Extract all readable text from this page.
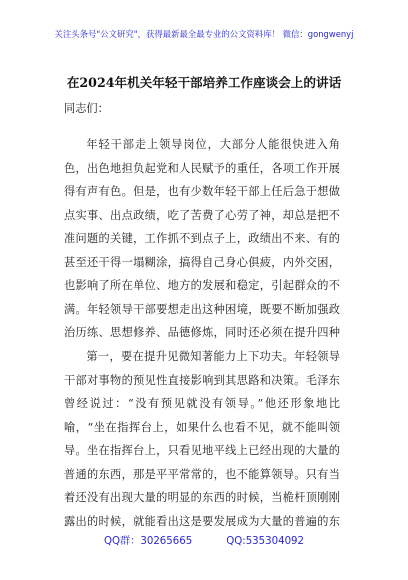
关注头条号"公文研究"，获得最新最全最专业的公文资料库！ 微信：gongwenyj
在2024年机关年轻干部培养工作座谈会上的讲话
同志们：
年轻干部走上领导岗位，大部分人能很快进入角色，出色地担负起党和人民赋予的重任，各项工作开展得有声有色。但是，也有少数年轻干部上任后急于想做点实事、出点政绩，吃了苦费了心劳了神，却总是把不准问题的关键，工作抓不到点子上，政绩出不来、有的甚至还干得一塌糊涂，搞得自己身心俱疲，内外交困，也影响了所在单位、地方的发展和稳定，引起群众的不满。年轻领导干部要想走出这种困境，既要不断加强政治历练、思想修养、品德修炼，同时还必须在提升四种
第一，要在提升见微知著能力上下功夫。年轻领导干部对事物的预见性直接影响到其思路和决策。毛泽东曾经说过：“没有预见就没有领导。”他还形象地比喻，“坐在指挥台上，如果什么也看不见，就不能叫领导。坐在指挥台上，只看见地平线上已经出现的大量的普通的东西，那是平平常常的，也不能算领导。只有当着还没有出现大量的明显的东西的时候，当桅杆顶刚刚露出的时候，就能看出这是要发展成为大量的普遍的东
QQ群：30265665	QQ:535304092
